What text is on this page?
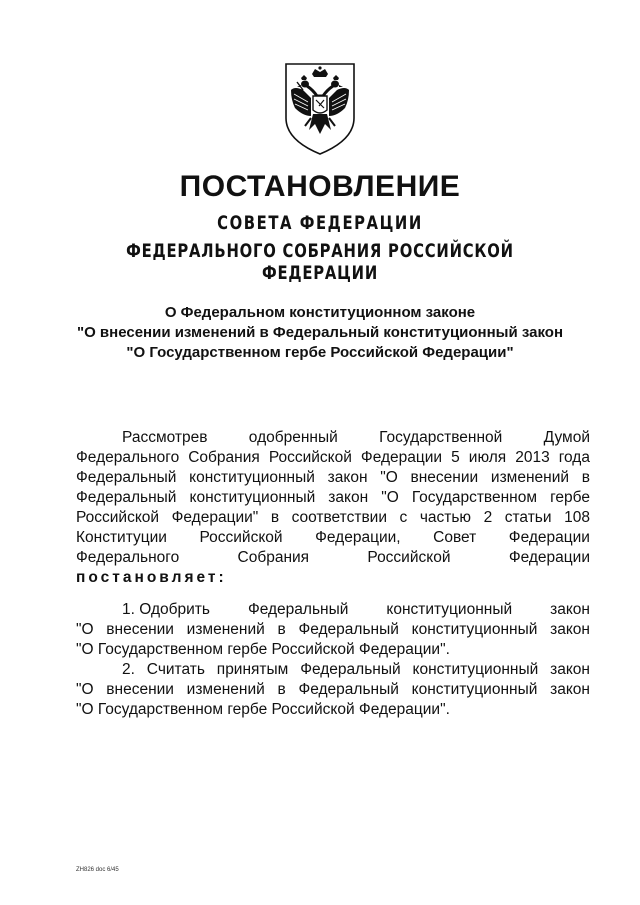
ПОСТАНОВЛЕНИЕ
СОВЕТА ФЕДЕРАЦИИ
ФЕДЕРАЛЬНОГО СОБРАНИЯ РОССИЙСКОЙ ФЕДЕРАЦИИ
О Федеральном конституционном законе
"О внесении изменений в Федеральный конституционный закон
"О Государственном гербе Российской Федерации"
Рассмотрев	одобренный	Государственной	Думой
Федерального Собрания Российской Федерации 5 июля 2013 года
Федеральный конституционный закон "О внесении изменений в
Федеральный конституционный закон "О Государственном гербе
Российской Федерации" в соответствии с частью 2 статьи 108
Конституции Российской Федерации, Совет Федерации
Федерального	Собрания	Российской	Федерации
постановляет:
1. Одобрить Федеральный конституционный закон
"О внесении изменений в Федеральный конституционный закон
"О Государственном гербе Российской Федерации".
2. Считать принятым Федеральный конституционный закон
"О внесении изменений в Федеральный конституционный закон
"О Государственном гербе Российской Федерации".
ZH826 doc 6/45
